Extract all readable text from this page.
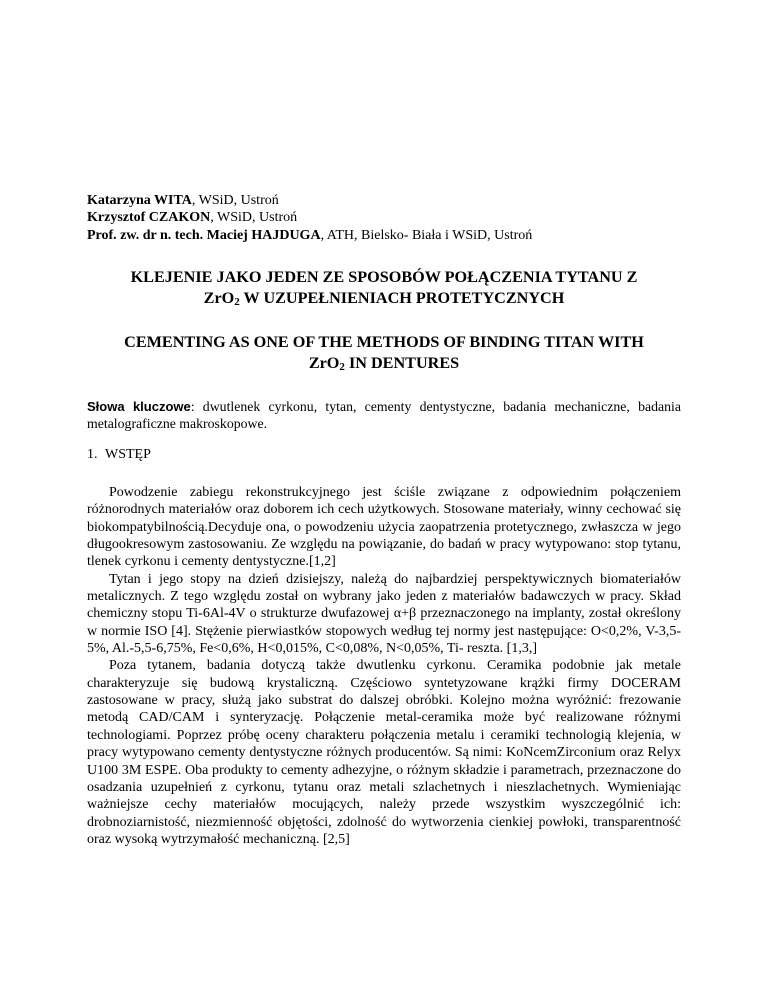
Katarzyna WITA, WSiD, Ustroń
Krzysztof CZAKON, WSiD, Ustroń
Prof. zw. dr n. tech. Maciej HAJDUGA, ATH, Bielsko- Biała i WSiD, Ustroń
KLEJENIE JAKO JEDEN ZE SPOSOBÓW POŁĄCZENIA TYTANU Z
ZrO$_2$ W UZUPEŁNIENIACH PROTETYCZNYCH
CEMENTING AS ONE OF THE METHODS OF BINDING TITAN WITH
ZrO$_2$ IN DENTURES
Słowa kluczowe: dwutlenek cyrkonu, tytan, cementy dentystyczne, badania mechaniczne, badania metalograficzne makroskopowe.
1. WSTĘP

Powodzenie zabiegu rekonstrukcyjnego jest ściśle związane z odpowiednim połączeniem różnorodnych materiałów oraz doborem ich cech użytkowych. Stosowane materiały, winny cechować się biokompatybilnością.Decyduje ona, o powodzeniu użycia zaopatrzenia protetycznego, zwłaszcza w jego długookresowym zastosowaniu. Ze względu na powiązanie, do badań w pracy wytypowano: stop tytanu, tlenek cyrkonu i cementy dentystyczne.[1,2]

Tytan i jego stopy na dzień dzisiejszy, należą do najbardziej perspektywicznych biomateriałów metalicznych. Z tego względu został on wybrany jako jeden z materiałów badawczych w pracy. Skład chemiczny stopu Ti-6Al-4V o strukturze dwufazowej α+β przeznaczonego na implanty, został określony w normie ISO [4]. Stężenie pierwiastków stopowych według tej normy jest następujące: O<0,2%, V-3,5-5%, Al.-5,5-6,75%, Fe<0,6%, H<0,015%, C<0,08%, N<0,05%, Ti- reszta. [1,3,]

Poza tytanem, badania dotyczą także dwutlenku cyrkonu. Ceramika podobnie jak metale charakteryzuje się budową krystaliczną. Częściowo syntetyzowane krążki firmy DOCERAM zastosowane w pracy, służą jako substrat do dalszej obróbki. Kolejno można wyróżnić: frezowanie metodą CAD/CAM i synteryzację. Połączenie metal-ceramika może być realizowane różnymi technologiami. Poprzez próbę oceny charakteru połączenia metalu i ceramiki technologią klejenia, w pracy wytypowano cementy dentystyczne różnych producentów. Są nimi: KoNcemZirconium oraz Relyx U100 3M ESPE. Oba produkty to cementy adhezyjne, o różnym składzie i parametrach, przeznaczone do osadzania uzupełnień z cyrkonu, tytanu oraz metali szlachetnych i nieszlachetnych. Wymieniając ważniejsze cechy materiałów mocujących, należy przede wszystkim wyszczególnić ich: drobnoziarnistość, niezmienność objętości, zdolność do wytworzenia cienkiej powłoki, transparentność oraz wysoką wytrzymałość mechaniczną. [2,5]
